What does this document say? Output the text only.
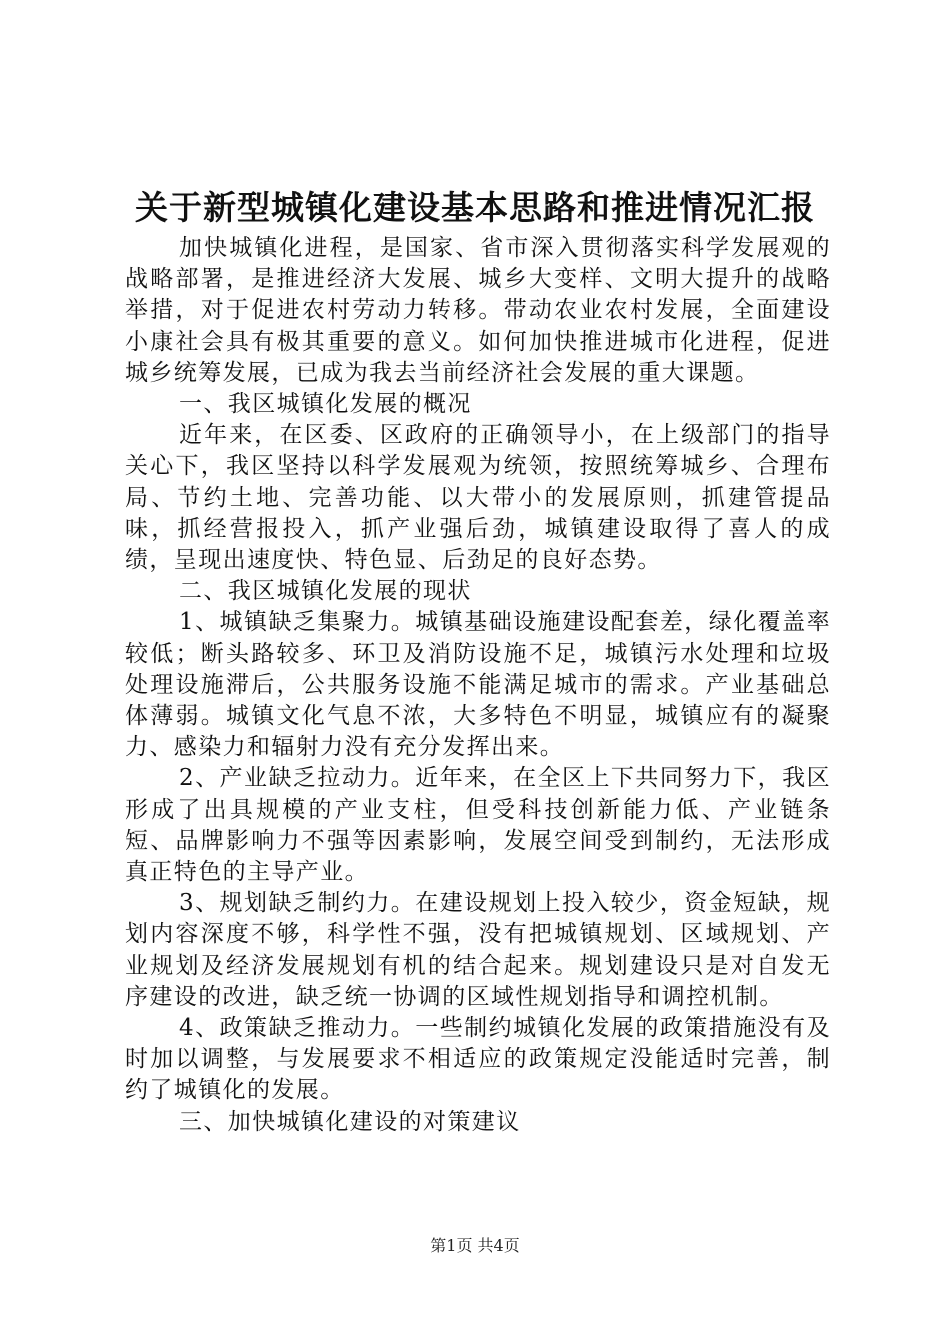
关于新型城镇化建设基本思路和推进情况汇报

加快城镇化进程，是国家、省市深入贯彻落实科学发展观的战略部署，是推进经济大发展、城乡大变样、文明大提升的战略举措，对于促进农村劳动力转移。带动农业农村发展，全面建设小康社会具有极其重要的意义。如何加快推进城市化进程，促进城乡统筹发展，已成为我去当前经济社会发展的重大课题。

一、我区城镇化发展的概况

近年来，在区委、区政府的正确领导小，在上级部门的指导关心下，我区坚持以科学发展观为统领，按照统筹城乡、合理布局、节约土地、完善功能、以大带小的发展原则，抓建管提品味，抓经营报投入，抓产业强后劲，城镇建设取得了喜人的成绩，呈现出速度快、特色显、后劲足的良好态势。

二、我区城镇化发展的现状

1、城镇缺乏集聚力。城镇基础设施建设配套差，绿化覆盖率较低；断头路较多、环卫及消防设施不足，城镇污水处理和垃圾处理设施滞后，公共服务设施不能满足城市的需求。产业基础总体薄弱。城镇文化气息不浓，大多特色不明显，城镇应有的凝聚力、感染力和辐射力没有充分发挥出来。

2、产业缺乏拉动力。近年来，在全区上下共同努力下，我区形成了出具规模的产业支柱，但受科技创新能力低、产业链条短、品牌影响力不强等因素影响，发展空间受到制约，无法形成真正特色的主导产业。

3、规划缺乏制约力。在建设规划上投入较少，资金短缺，规划内容深度不够，科学性不强，没有把城镇规划、区域规划、产业规划及经济发展规划有机的结合起来。规划建设只是对自发无序建设的改进，缺乏统一协调的区域性规划指导和调控机制。

4、政策缺乏推动力。一些制约城镇化发展的政策措施没有及时加以调整，与发展要求不相适应的政策规定没能适时完善，制约了城镇化的发展。

三、加快城镇化建设的对策建议

第1页 共4页
